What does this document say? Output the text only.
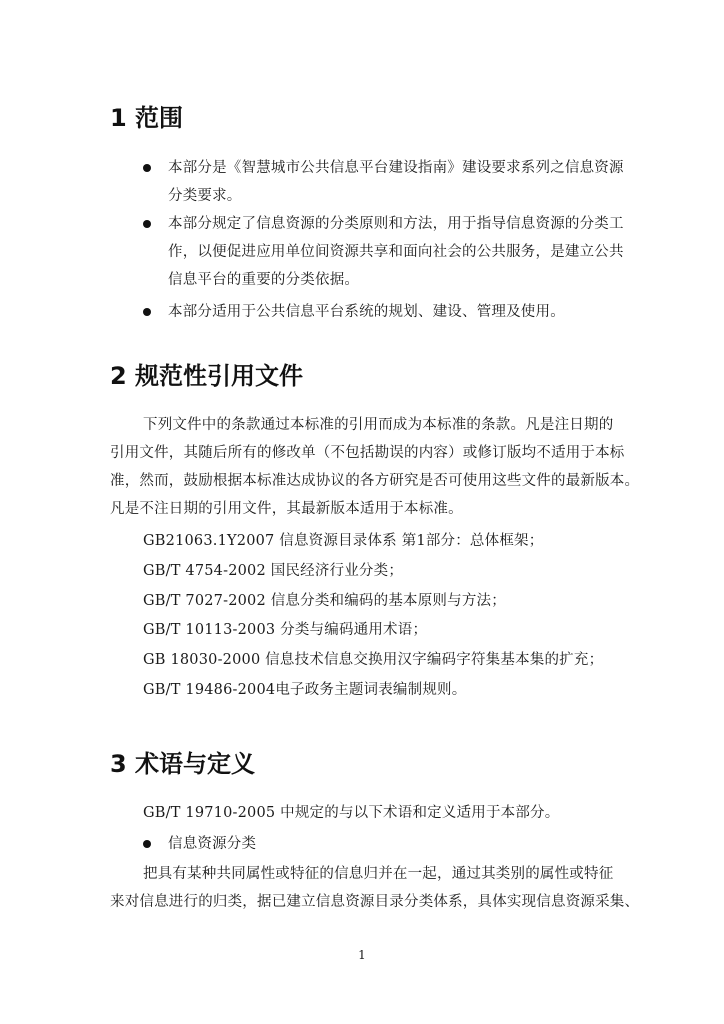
1 范围
本部分是《智慧城市公共信息平台建设指南》建设要求系列之信息资源
分类要求。
本部分规定了信息资源的分类原则和方法，用于指导信息资源的分类工
作，以便促进应用单位间资源共享和面向社会的公共服务，是建立公共
信息平台的重要的分类依据。
本部分适用于公共信息平台系统的规划、建设、管理及使用。
2 规范性引用文件
下列文件中的条款通过本标准的引用而成为本标准的条款。凡是注日期的
引用文件，其随后所有的修改单（不包括勘误的内容）或修订版均不适用于本标
准，然而，鼓励根据本标准达成协议的各方研究是否可使用这些文件的最新版本。
凡是不注日期的引用文件，其最新版本适用于本标准。
GB21063.1Y2007 信息资源目录体系 第1部分：总体框架；
GB/T 4754-2002 国民经济行业分类；
GB/T 7027-2002 信息分类和编码的基本原则与方法；
GB/T 10113-2003 分类与编码通用术语；
GB 18030-2000 信息技术信息交换用汉字编码字符集基本集的扩充；
GB/T 19486-2004电子政务主题词表编制规则。
3 术语与定义
GB/T 19710-2005 中规定的与以下术语和定义适用于本部分。
信息资源分类
把具有某种共同属性或特征的信息归并在一起，通过其类别的属性或特征
来对信息进行的归类，据已建立信息资源目录分类体系，具体实现信息资源采集、
1
